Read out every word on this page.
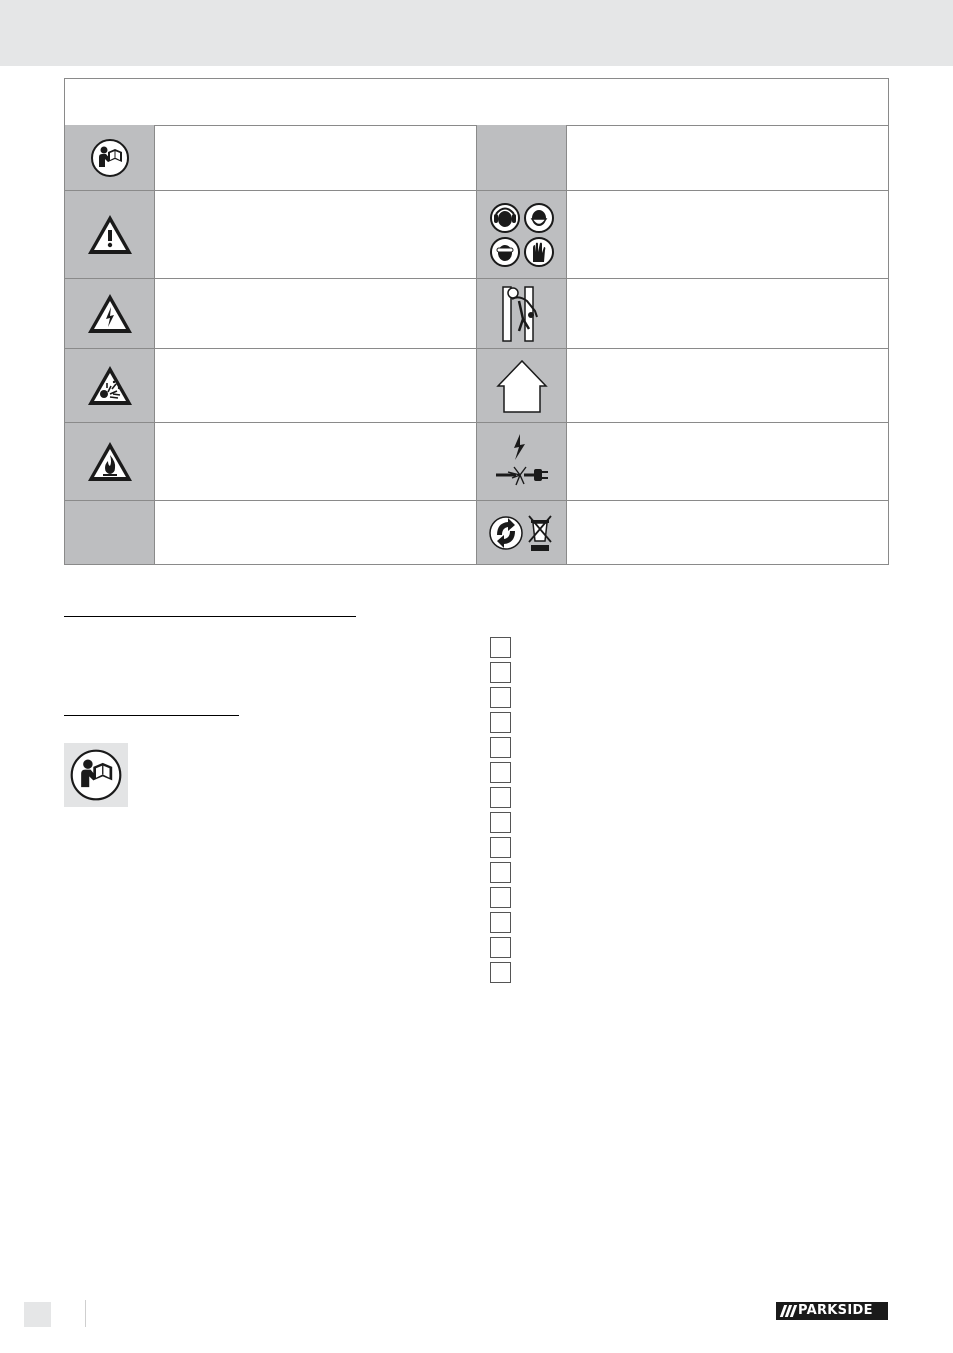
PARKSIDE
